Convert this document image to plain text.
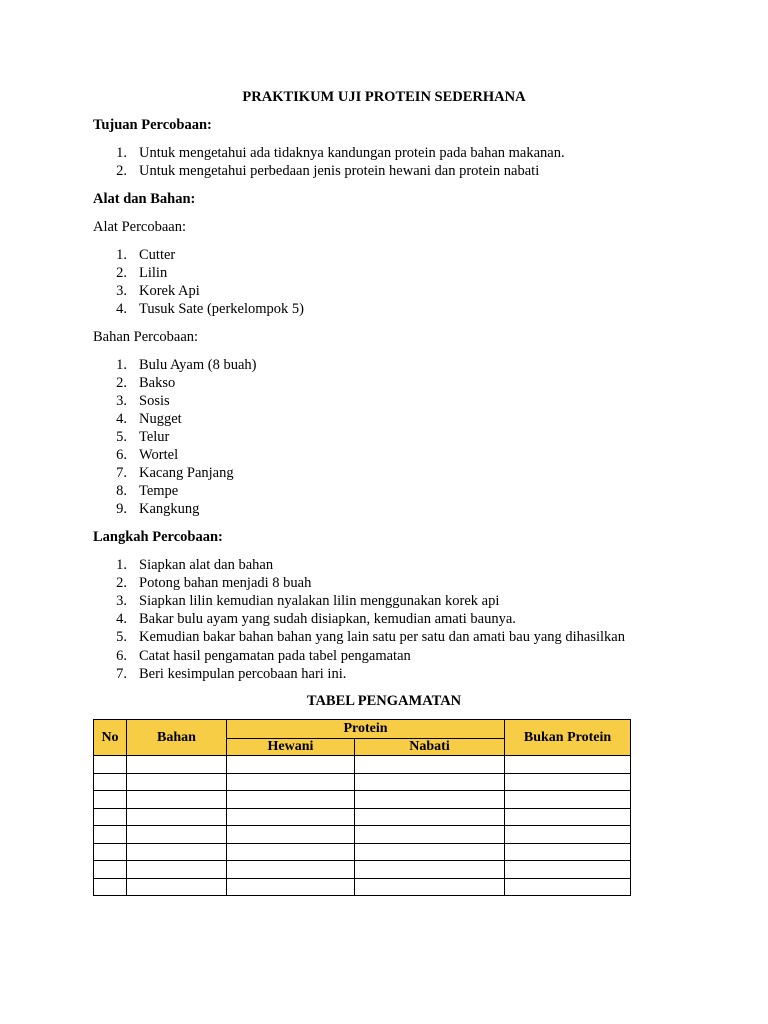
PRAKTIKUM UJI PROTEIN SEDERHANA
Tujuan Percobaan:
1. Untuk mengetahui ada tidaknya kandungan protein pada bahan makanan.
2. Untuk mengetahui perbedaan jenis protein hewani dan protein nabati
Alat dan Bahan:
Alat Percobaan:
1. Cutter
2. Lilin
3. Korek Api
4. Tusuk Sate (perkelompok 5)
Bahan Percobaan:
1. Bulu Ayam (8 buah)
2. Bakso
3. Sosis
4. Nugget
5. Telur
6. Wortel
7. Kacang Panjang
8. Tempe
9. Kangkung
Langkah Percobaan:
1. Siapkan alat dan bahan
2. Potong bahan menjadi 8 buah
3. Siapkan lilin kemudian nyalakan lilin menggunakan korek api
4. Bakar bulu ayam yang sudah disiapkan, kemudian amati baunya.
5. Kemudian bakar bahan bahan yang lain satu per satu dan amati bau yang dihasilkan
6. Catat hasil pengamatan pada tabel pengamatan
7. Beri kesimpulan percobaan hari ini.
TABEL PENGAMATAN
No	Bahan	Protein		Bukan Protein
		Hewani	Nabati	
